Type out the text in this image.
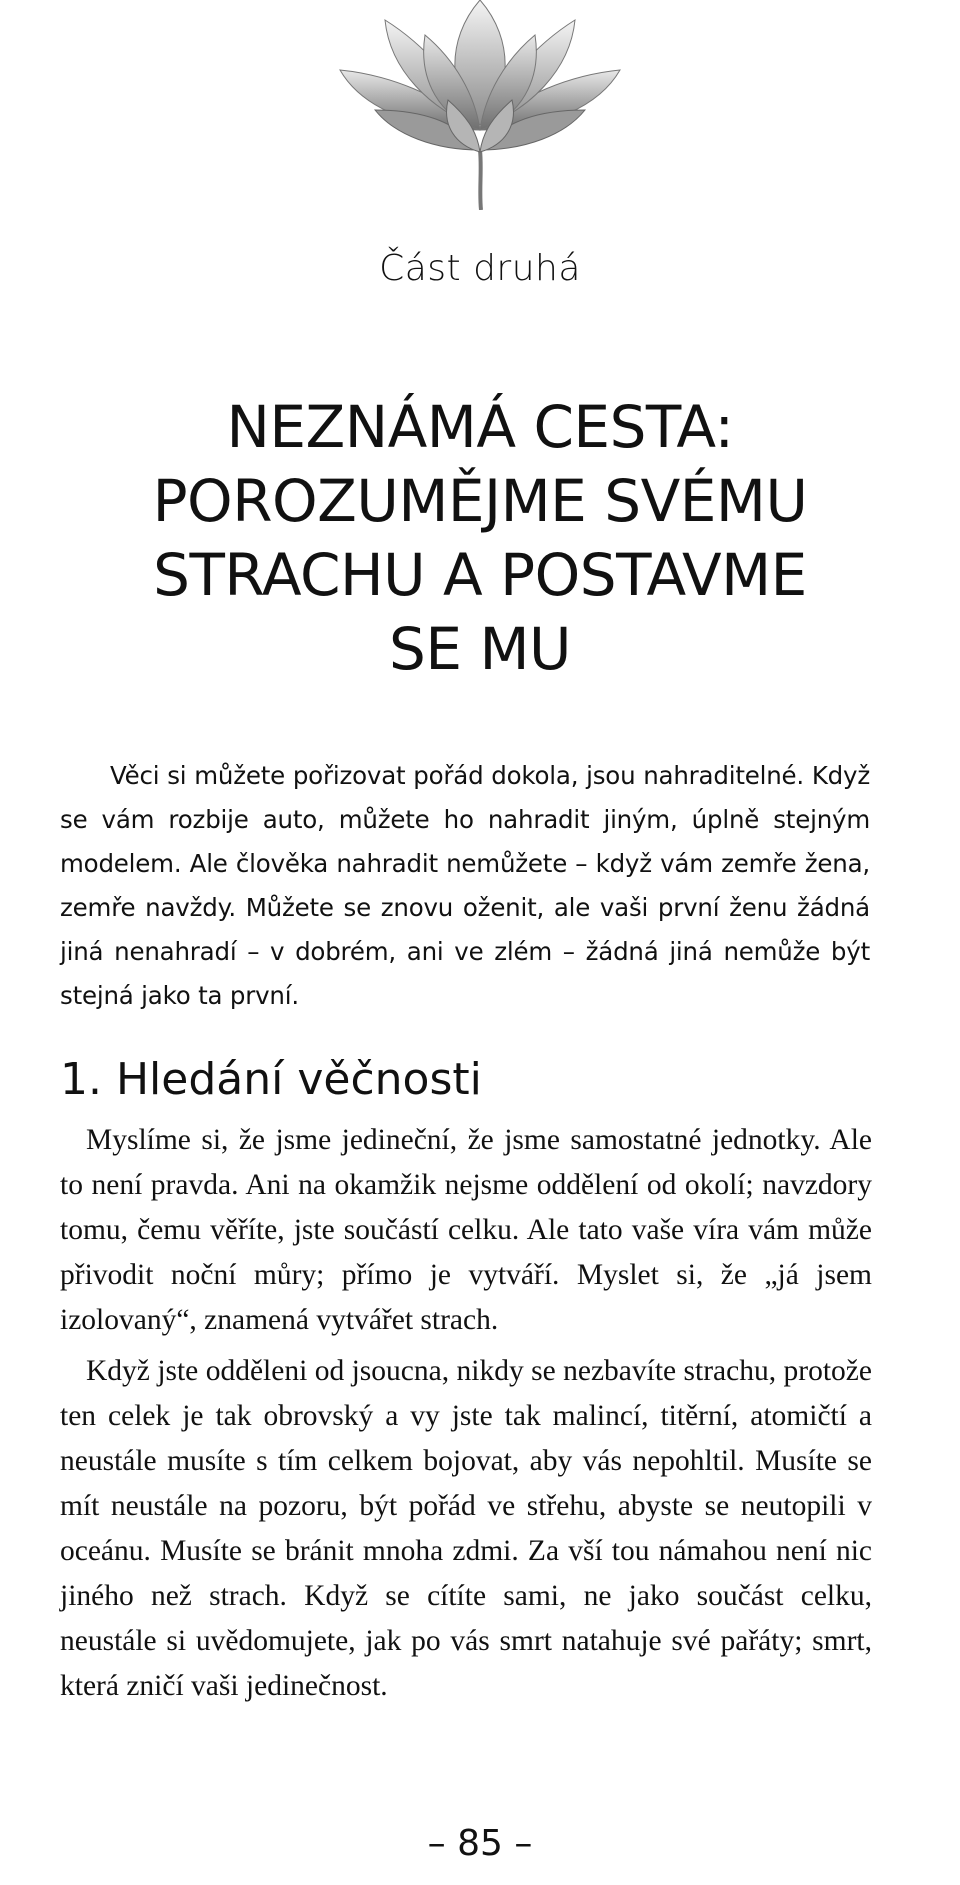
Část druhá
NEZNÁMÁ CESTA:
POROZUMĚJME SVÉMU
STRACHU A POSTAVME
SE MU

Věci si můžete pořizovat pořád dokola, jsou nahraditelné. Když se vám rozbije auto, můžete ho nahradit jiným, úplně stejným modelem. Ale člověka nahradit nemůžete – když vám zemře žena, zemře navždy. Můžete se znovu oženit, ale vaši první ženu žádná jiná nenahradí – v dobrém, ani ve zlém – žádná jiná nemůže být stejná jako ta první.

1. Hledání věčnosti

Myslíme si, že jsme jedineční, že jsme samostatné jednotky. Ale to není pravda. Ani na okamžik nejsme oddělení od okolí; navzdory tomu, čemu věříte, jste součástí celku. Ale tato vaše víra vám může přivodit noční můry; přímo je vytváří. Myslet si, že „já jsem izolovaný“, znamená vytvářet strach.

Když jste odděleni od jsoucna, nikdy se nezbavíte strachu, protože ten celek je tak obrovský a vy jste tak malincí, titěrní, atomičtí a neustále musíte s tím celkem bojovat, aby vás nepohltil. Musíte se mít neustále na pozoru, být pořád ve střehu, abyste se neutopili v oceánu. Musíte se bránit mnoha zdmi. Za vší tou námahou není nic jiného než strach. Když se cítíte sami, ne jako součást celku, neustále si uvědomujete, jak po vás smrt natahuje své pařáty; smrt, která zničí vaši jedinečnost.

– 85 –
